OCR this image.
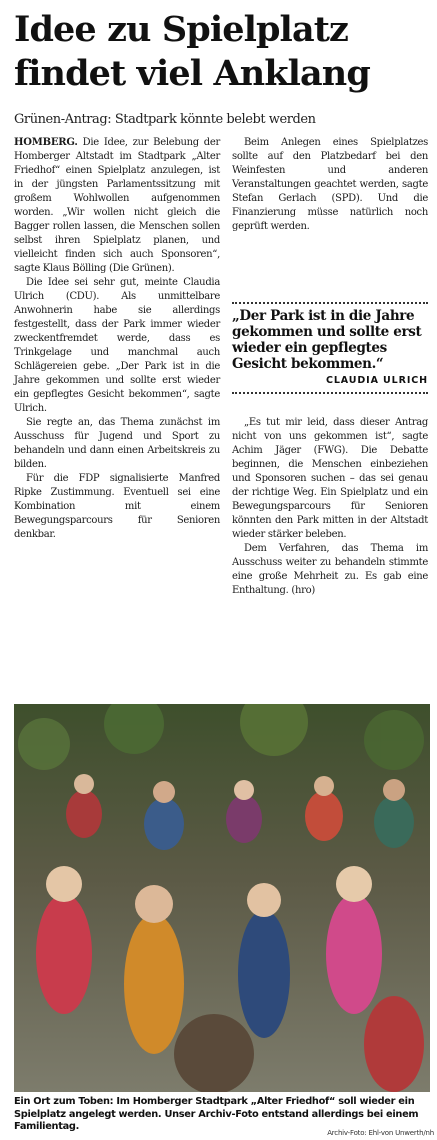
Idee zu Spielplatz
findet viel Anklang

Grünen-Antrag: Stadtpark könnte belebt werden

HOMBERG. Die Idee, zur Belebung der Homberger Altstadt im Stadtpark „Alter Friedhof“ einen Spielplatz anzulegen, ist in der jüngsten Parlamentssitzung mit großem Wohlwollen aufgenommen worden. „Wir wollen nicht gleich die Bagger rollen lassen, die Menschen sollen selbst ihren Spielplatz planen, und vielleicht finden sich auch Sponsoren“, sagte Klaus Bölling (Die Grünen).

Die Idee sei sehr gut, meinte Claudia Ulrich (CDU). Als unmittelbare Anwohnerin habe sie allerdings festgestellt, dass der Park immer wieder zweckentfremdet werde, dass es Trinkgelage und manchmal auch Schlägereien gebe. „Der Park ist in die Jahre gekommen und sollte erst wieder ein gepflegtes Gesicht bekommen“, sagte Ulrich.

Sie regte an, das Thema zunächst im Ausschuss für Jugend und Sport zu behandeln und dann einen Arbeitskreis zu bilden.

Für die FDP signalisierte Manfred Ripke Zustimmung. Eventuell sei eine Kombination mit einem Bewegungsparcours für Senioren denkbar.

Beim Anlegen eines Spielplatzes sollte auf den Platzbedarf bei den Weinfesten und anderen Veranstaltungen geachtet werden, sagte Stefan Gerlach (SPD). Und die Finanzierung müsse natürlich noch geprüft werden.

„Der Park ist in die Jahre gekommen und sollte erst wieder ein gepflegtes Gesicht bekommen.“

CLAUDIA ULRICH

„Es tut mir leid, dass dieser Antrag nicht von uns gekommen ist“, sagte Achim Jäger (FWG). Die Debatte beginnen, die Menschen einbeziehen und Sponsoren suchen – das sei genau der richtige Weg. Ein Spielplatz und ein Bewegungsparcours für Senioren könnten den Park mitten in der Altstadt wieder stärker beleben.

Dem Verfahren, das Thema im Ausschuss weiter zu behandeln stimmte eine große Mehrheit zu. Es gab eine Enthaltung. (hro)

Ein Ort zum Toben: Im Homberger Stadtpark „Alter Friedhof“ soll wieder ein Spielplatz angelegt werden. Unser Archiv-Foto entstand allerdings bei einem Familientag.

Archiv-Foto: Ehl-von Unwerth/nh
